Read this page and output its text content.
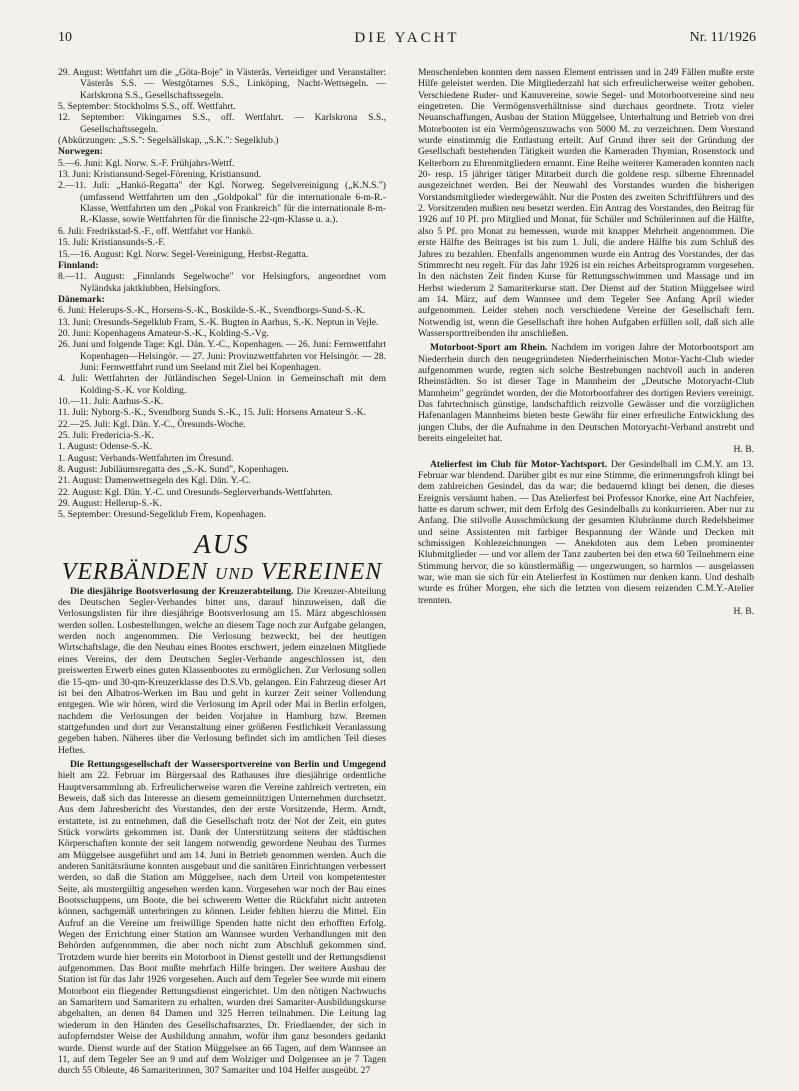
10	DIE YACHT	Nr. 11/1926

29. August: Wettfahrt um die „Göta-Boje" in Västerås. Verteidiger und Veranstalter: Västerås S.S. — Westgötarnes S.S., Linköping, Nacht-Wettsegeln. — Karlskrona S.S., Gesellschaftssegeln.

5. September: Stockholms S.S., off. Wettfahrt.

12. September: Vikingarnes S.S., off. Wettfahrt. — Karlskrona S.S., Gesellschaftssegeln.

(Abkürzungen: „S.S.": Segelsällskap, „S.K.": Segelklub.)

Norwegen:

5.—6. Juni: Kgl. Norw. S.-F. Frühjahrs-Wettf.

13. Juni: Kristiansund-Segel-Förening, Kristiansund.

2.—11. Juli: „Hankö-Regatta" der Kgl. Norweg. Segelvereinigung („K.N.S.") (umfassend Wettfahrten um den „Goldpokal" für die internationale 6-m-R.-Klasse, Wettfahrten um den „Pokal von Frankreich" für die internationale 8-m-R.-Klasse, sowie Wettfahrten für die finnische 22-qm-Klasse u. a.).

6. Juli: Fredrikstad-S.-F., off. Wettfahrt vor Hankö.

15. Juli: Kristiansunds-S.-F.

15.—16. August: Kgl. Norw. Segel-Vereinigung, Herbst-Regatta.

Finnland:

8.—11. August: „Finnlands Segelwoche" vor Helsingfors, angeordnet vom Nyländska jaktklubben, Helsingfors.

Dänemark:

6. Juni: Helerups-S.-K., Horsens-S.-K., Boskilde-S.-K., Svendborgs-Sund-S.-K.

13. Juni: Oresunds-Segelklub Fram, S.-K. Bugten in Aarhus, S.-K. Neptun in Vejle.

20. Juni: Kopenhagens Amateur-S.-K., Kolding-S.-Vg.

26. Juni und folgende Tage: Kgl. Dän. Y.-C., Kopenhagen. — 26. Juni: Fernwettfahrt Kopenhagen—Helsingör. — 27. Juni: Provinzwettfahrten vor Helsingör. — 28. Juni: Fernwettfahrt rund um Seeland mit Ziel bei Kopenhagen.

4. Juli: Wettfahrten der Jütländischen Segel-Union in Gemeinschaft mit dem Kolding-S.-K. vor Kolding.

10.—11. Juli: Aarhus-S.-K.

11. Juli: Nyborg-S.-K., Svendborg Sunds S.-K., 15. Juli: Horsens Amateur S.-K.

22.—25. Juli: Kgl. Dän. Y.-C., Öresunds-Woche.

25. Juli: Fredericia-S.-K.

1. August: Odense-S.-K.

1. August: Verbands-Wettfahrten im Öresund.

8. August: Jubiläumsregatta des „S.-K. Sund", Kopenhagen.

21. August: Damenwettsegeln des Kgl. Dän. Y.-C.

22. August: Kgl. Dän. Y.-C. und Oresunds-Seglerverbands-Wettfahrten.

29. August: Hellerup-S.-K.

5. September: Oresund-Segelklub Frem, Kopenhagen.

AUS
VERBÄNDEN UND VEREINEN

Die diesjährige Bootsverlosung der Kreuzerabteilung. Die Kreuzer-Abteilung des Deutschen Segler-Verbandes bittet uns, darauf hinzuweisen, daß die Verlosungslisten für ihre diesjährige Bootsverlosung am 15. März abgeschlossen werden sollen. Losbestellungen, welche an diesem Tage noch zur Aufgabe gelangen, werden noch angenommen. Die Verlosung bezweckt, bei der heutigen Wirtschaftslage, die den Neubau eines Bootes erschwert, jedem einzelnen Mitgliede eines Vereins, der dem Deutschen Segler-Verbande angeschlossen ist, den preiswerten Erwerb eines guten Klassenbootes zu ermöglichen. Zur Verlosung sollen die 15-qm- und 30-qm-Kreuzerklasse des D.S.Vb. gelangen. Ein Fahrzeug dieser Art ist bei den Albatros-Werken im Bau und geht in kurzer Zeit seiner Vollendung entgegen. Wie wir hören, wird die Verlosung im April oder Mai in Berlin erfolgen, nachdem die Verlosungen der beiden Vorjahre in Hamburg bzw. Bremen stattgefunden und dort zur Veranstaltung einer größeren Festlichkeit Veranlassung gegeben haben. Näheres über die Verlosung befindet sich im amtlichen Teil dieses Heftes.

Die Rettungsgesellschaft der Wassersportvereine von Berlin und Umgegend hielt am 22. Februar im Bürgersaal des Rathauses ihre diesjährige ordentliche Hauptversammlung ab. Erfreulicherweise waren die Vereine zahlreich vertreten, ein Beweis, daß sich das Interesse an diesem gemeinnützigen Unternehmen durchsetzt. Aus dem Jahresbericht des Vorstandes, den der erste Vorsitzende, Herm. Arndt, erstattete, ist zu entnehmen, daß die Gesellschaft trotz der Not der Zeit, ein gutes Stück vorwärts gekommen ist. Dank der Unterstützung seitens der städtischen Körperschaften konnte der seit langem notwendig gewordene Neubau des Turmes am Müggelsee ausgeführt und am 14. Juni in Betrieb genommen werden. Auch die anderen Sanitätsräume konnten ausgebaut und die sanitären Einrichtungen verbessert werden, so daß die Station am Müggelsee, nach dem Urteil von kompetentester Seite, als mustergültig angesehen werden kann. Vorgesehen war noch der Bau eines Bootsschuppens, um Boote, die bei schwerem Wetter die Rückfahrt nicht antreten können, sachgemäß unterbringen zu können. Leider fehlten hierzu die Mittel. Ein Aufruf an die Vereine um freiwillige Spenden hatte nicht den erhofften Erfolg. Wegen der Errichtung einer Station am Wannsee wurden Verhandlungen mit den Behörden aufgenommen, die aber noch nicht zum Abschluß gekommen sind. Trotzdem wurde hier bereits ein Motorboot in Dienst gestellt und der Rettungsdienst aufgenommen. Das Boot mußte mehrfach Hilfe bringen. Der weitere Ausbau der Station ist für das Jahr 1926 vorgesehen. Auch auf dem Tegeler See wurde mit einem Motorboot ein fliegender Rettungsdienst eingerichtet. Um den nötigen Nachwuchs an Samaritern und Samaritern zu erhalten, wurden drei Samariter-Ausbildungskurse abgehalten, an denen 84 Damen und 325 Herren teilnahmen. Die Leitung lag wiederum in den Händen des Gesellschaftsarztes, Dr. Friedlaender, der sich in aufopferndster Weise der Ausbildung annahm, wofür ihm ganz besonders gedankt wurde. Dienst wurde auf der Station Müggelsee an 66 Tagen, auf dem Wannsee an 11, auf dem Tegeler See an 9 und auf dem Wolziger und Dolgensee an je 7 Tagen durch 55 Obleute, 46 Samariterinnen, 307 Samariter und 104 Helfer ausgeübt. 27

Menschenleben konnten dem nassen Element entrissen und in 249 Fällen mußte erste Hilfe geleistet werden. Die Mitgliederzahl hat sich erfreulicherweise weiter gehoben. Verschiedene Ruder- und Kanuvereine, sowie Segel- und Motorbootvereine sind neu eingetreten. Die Vermögensverhältnisse sind durchaus geordnete. Trotz vieler Neuanschaffungen, Ausbau der Station Müggelsee, Unterhaltung und Betrieb von drei Motorbooten ist ein Vermögenszuwachs von 5000 M. zu verzeichnen. Dem Vorstand wurde einstimmig die Entlastung erteilt. Auf Grund ihrer seit der Gründung der Gesellschaft bestehenden Tätigkeit wurden die Kameraden Thymian, Rosenstock und Kelterborn zu Ehrenmitgliedern ernannt. Eine Reihe weiterer Kameraden konnten nach 20- resp. 15 jähriger tätiger Mitarbeit durch die goldene resp. silberne Ehrennadel ausgezeichnet werden. Bei der Neuwahl des Vorstandes wurden die bisherigen Vorstandsmitglieder wiedergewählt. Nur die Posten des zweiten Schriftführers und des 2. Vorsitzenden mußten neu besetzt werden. Ein Antrag des Vorstandes, den Beitrag für 1926 auf 10 Pf. pro Mitglied und Monat, für Schüler und Schülerinnen auf die Hälfte, also 5 Pf. pro Monat zu bemessen, wurde mit knapper Mehrheit angenommen. Die erste Hälfte des Beitrages ist bis zum 1. Juli, die andere Hälfte bis zum Schluß des Jahres zu bezahlen. Ebenfalls angenommen wurde ein Antrag des Vorstandes, der das Stimmrecht neu regelt. Für das Jahr 1926 ist ein reiches Arbeitsprogramm vorgesehen. In den nächsten Zeit finden Kurse für Rettungsschwimmen und Massage und im Herbst wiederum 2 Samariterkurse statt. Der Dienst auf der Station Müggelsee wird am 14. März, auf dem Wannsee und dem Tegeler See Anfang April wieder aufgenommen. Leider stehen noch verschiedene Vereine der Gesellschaft fern. Notwendig ist, wenn die Gesellschaft ihre hohen Aufgaben erfüllen soll, daß sich alle Wassersporttreibenden ihr anschließen.

Motorboot-Sport am Rhein. Nachdem im vorigen Jahre der Motorbootsport am Niederrhein durch den neugegründeten Niederrheinischen Motor-Yacht-Club wieder aufgenommen wurde, regten sich solche Bestrebungen nachtvoll auch in anderen Rheinstädten. So ist dieser Tage in Mannheim der „Deutsche Motoryacht-Club Mannheim" gegründet worden, der die Motorbootfahrer des dortigen Reviers vereinigt. Das fahrtechnisch günstige, landschaftlich reizvolle Gewässer und die vorzüglichen Hafenanlagen Mannheims bieten beste Gewähr für einer erfreuliche Entwicklung des jungen Clubs, der die Aufnahme in den Deutschen Motoryacht-Verband anstrebt und bereits eingeleitet hat.
H. B.

Atelierfest im Club für Motor-Yachtsport. Der Gesindelball im C.M.Y. am 13. Februar war blendend. Darüber gibt es nur eine Stimme, die erinnerungsfroh klingt bei dem zahlreichen Gesindel, das da war; die bedauernd klingt bei denen, die dieses Ereignis versäumt haben. — Das Atelierfest bei Professor Knorke, eine Art Nachfeier, hatte es darum schwer, mit dem Erfolg des Gesindelballs zu konkurrieren. Aber nur zu Anfang. Die stilvolle Ausschmückung der gesamten Klubräume durch Redelsheimer und seine Assistenten mit farbiger Bespannung der Wände und Decken mit schmissigen Kohlezeichnungen — Anekdoten aus dem Leben prominenter Klubmitglieder — und vor allem der Tanz zauberten bei den etwa 60 Teilnehmern eine Stimmung hervor, die so künstlermäßig — ungezwungen, so harmlos — ausgelassen war, wie man sie sich für ein Atelierfest in Kostümen nur denken kann. Und deshalb wurde es früher Morgen, ehe sich die letzten von diesem reizenden C.M.Y.-Atelier trennten.
H. B.
